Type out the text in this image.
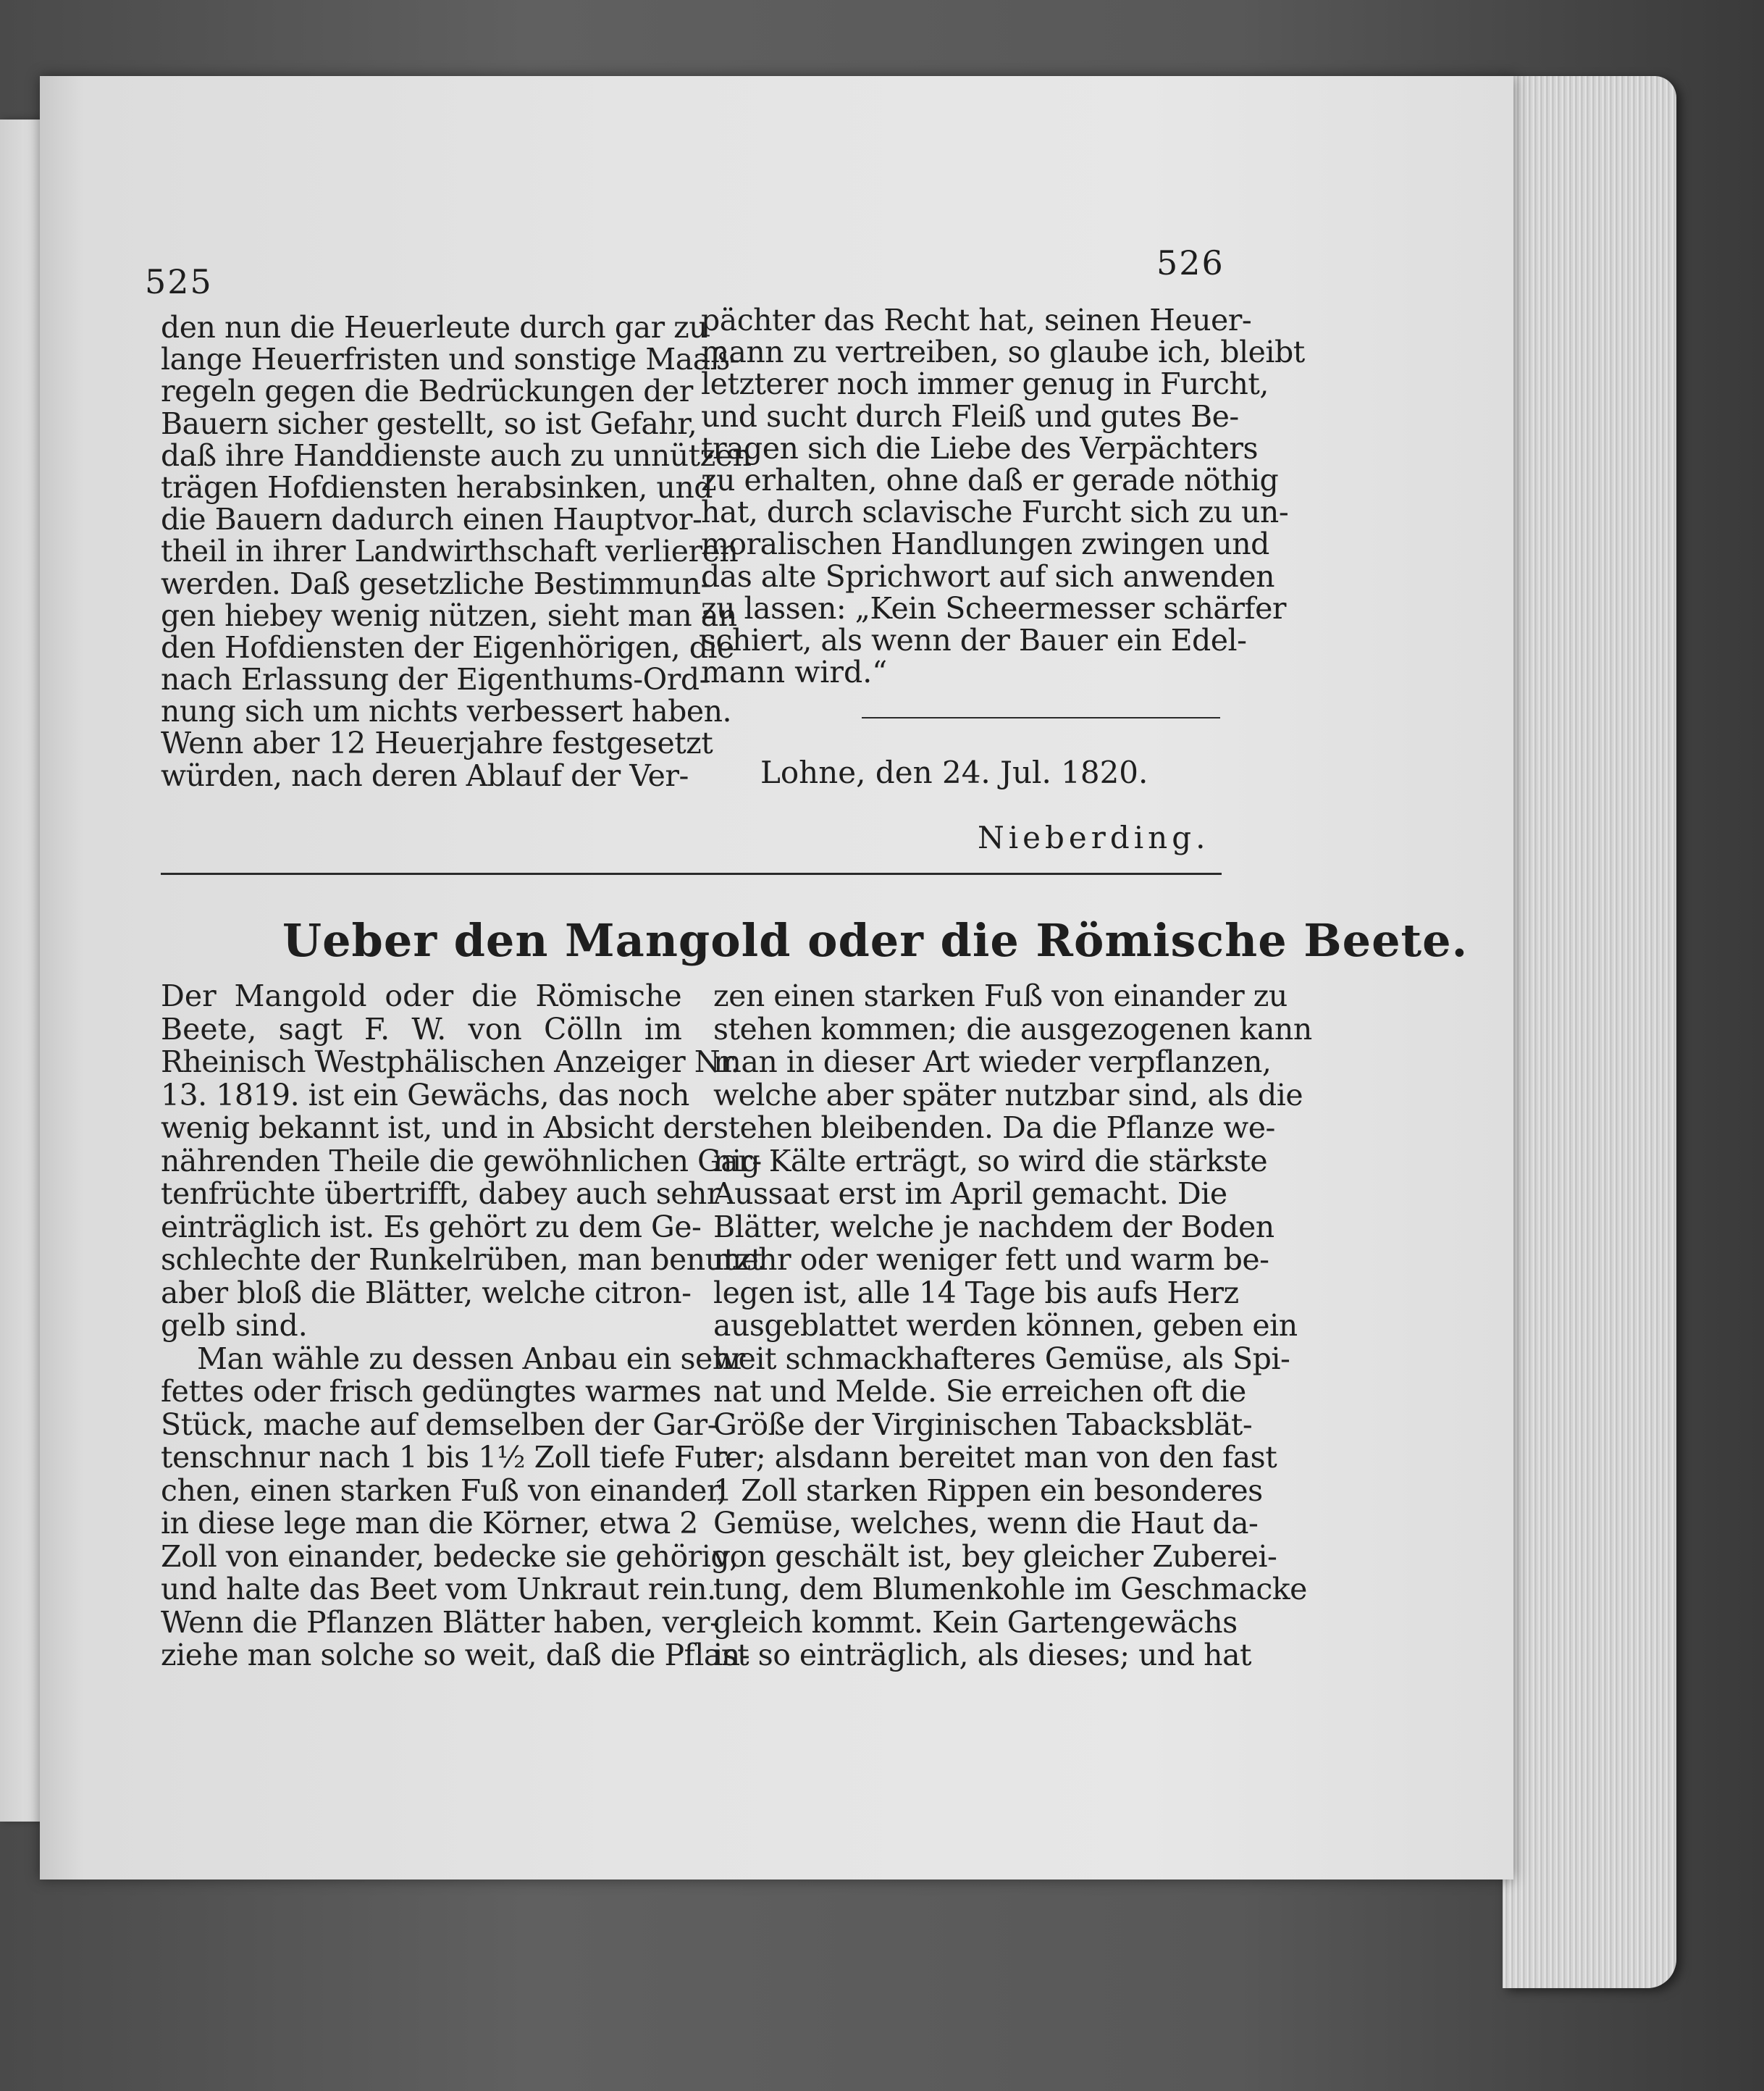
525	526
den nun die Heuerleute durch gar zu
lange Heuerfristen und sonstige Maaß-
regeln gegen die Bedrückungen der
Bauern sicher gestellt, so ist Gefahr,
daß ihre Handdienste auch zu unnützen
trägen Hofdiensten herabsinken, und
die Bauern dadurch einen Hauptvor-
theil in ihrer Landwirthschaft verlieren
werden. Daß gesetzliche Bestimmun-
gen hiebey wenig nützen, sieht man an
den Hofdiensten der Eigenhörigen, die
nach Erlassung der Eigenthums-Ord-
nung sich um nichts verbessert haben.
Wenn aber 12 Heuerjahre festgesetzt
würden, nach deren Ablauf der Ver-
pächter das Recht hat, seinen Heuer-
mann zu vertreiben, so glaube ich, bleibt
letzterer noch immer genug in Furcht,
und sucht durch Fleiß und gutes Be-
tragen sich die Liebe des Verpächters
zu erhalten, ohne daß er gerade nöthig
hat, durch sclavische Furcht sich zu un-
moralischen Handlungen zwingen und
das alte Sprichwort auf sich anwenden
zu lassen: „Kein Scheermesser schärfer
schiert, als wenn der Bauer ein Edel-
mann wird.“
Lohne, den 24. Jul. 1820.
Nieberding.
Ueber den Mangold oder die Römische Beete.
Der Mangold oder die Römische
Beete, sagt F. W. von Cölln im
Rheinisch Westphälischen Anzeiger Nr.
13. 1819. ist ein Gewächs, das noch
wenig bekannt ist, und in Absicht der
nährenden Theile die gewöhnlichen Gar-
tenfrüchte übertrifft, dabey auch sehr
einträglich ist. Es gehört zu dem Ge-
schlechte der Runkelrüben, man benutzt
aber bloß die Blätter, welche citron-
gelb sind.
Man wähle zu dessen Anbau ein sehr
fettes oder frisch gedüngtes warmes
Stück, mache auf demselben der Gar-
tenschnur nach 1 bis 1½ Zoll tiefe Fur-
chen, einen starken Fuß von einander,
in diese lege man die Körner, etwa 2
Zoll von einander, bedecke sie gehörig,
und halte das Beet vom Unkraut rein.
Wenn die Pflanzen Blätter haben, ver-
ziehe man solche so weit, daß die Pflan-
zen einen starken Fuß von einander zu
stehen kommen; die ausgezogenen kann
man in dieser Art wieder verpflanzen,
welche aber später nutzbar sind, als die
stehen bleibenden. Da die Pflanze we-
nig Kälte erträgt, so wird die stärkste
Aussaat erst im April gemacht. Die
Blätter, welche je nachdem der Boden
mehr oder weniger fett und warm be-
legen ist, alle 14 Tage bis aufs Herz
ausgeblattet werden können, geben ein
weit schmackhafteres Gemüse, als Spi-
nat und Melde. Sie erreichen oft die
Größe der Virginischen Tabacksblät-
ter; alsdann bereitet man von den fast
1 Zoll starken Rippen ein besonderes
Gemüse, welches, wenn die Haut da-
von geschält ist, bey gleicher Zuberei-
tung, dem Blumenkohle im Geschmacke
gleich kommt. Kein Gartengewächs
ist so einträglich, als dieses; und hat
